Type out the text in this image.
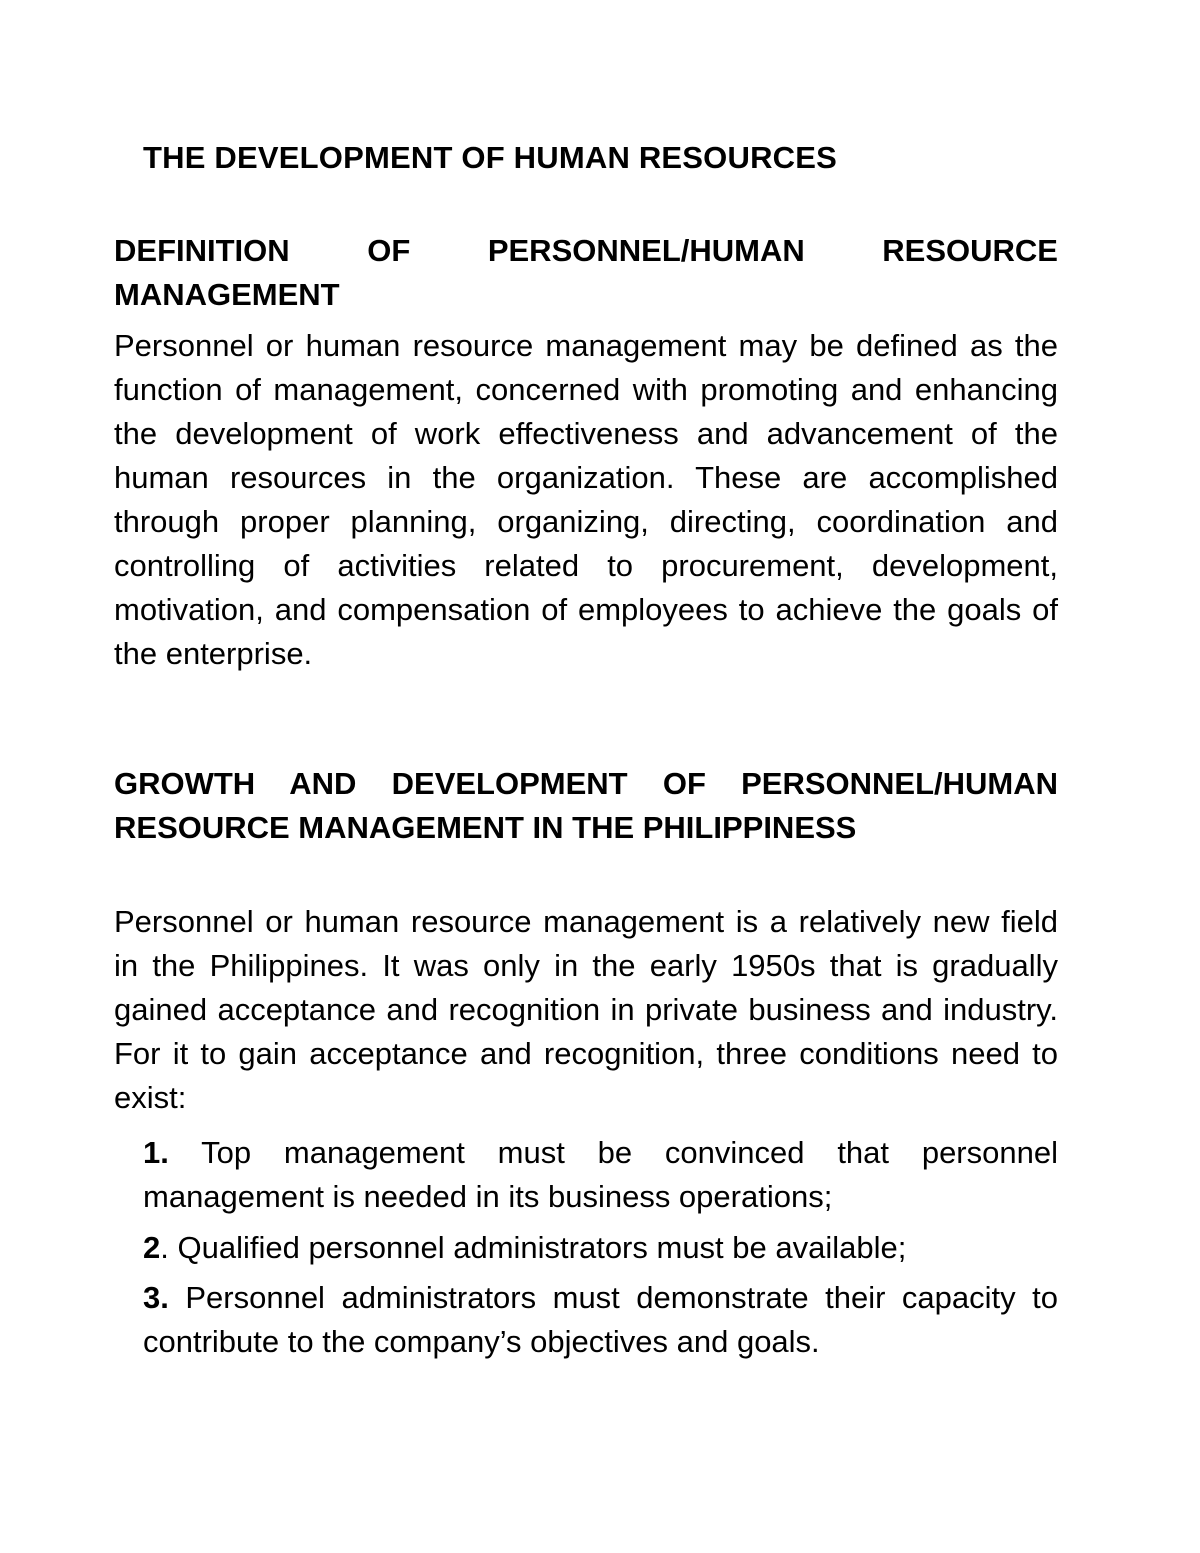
THE DEVELOPMENT OF HUMAN RESOURCES
DEFINITION OF PERSONNEL/HUMAN RESOURCE MANAGEMENT

Personnel or human resource management may be defined as the function of management, concerned with promoting and enhancing the development of work effectiveness and advancement of the human resources in the organization. These are accomplished through proper planning, organizing, directing, coordination and controlling of activities related to procurement, development, motivation, and compensation of employees to achieve the goals of the enterprise.

GROWTH AND DEVELOPMENT OF PERSONNEL/HUMAN RESOURCE MANAGEMENT IN THE PHILIPPINESS

Personnel or human resource management is a relatively new field in the Philippines. It was only in the early 1950s that is gradually gained acceptance and recognition in private business and industry. For it to gain acceptance and recognition, three conditions need to exist:

1. Top management must be convinced that personnel management is needed in its business operations;

2. Qualified personnel administrators must be available;

3. Personnel administrators must demonstrate their capacity to contribute to the company’s objectives and goals.
